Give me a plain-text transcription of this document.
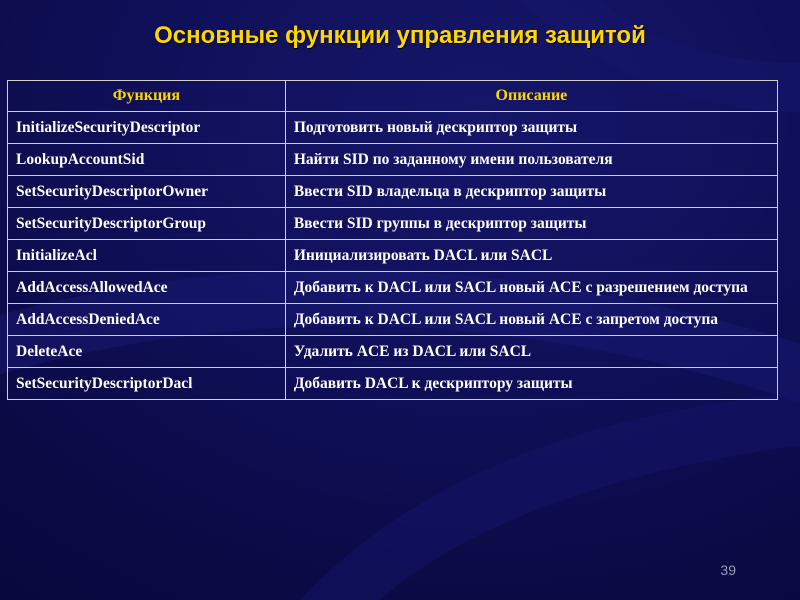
Основные функции управления защитой
Функция	Описание
InitializeSecurityDescriptor	Подготовить новый дескриптор защиты
LookupAccountSid	Найти SID по заданному имени пользователя
SetSecurityDescriptorOwner	Ввести SID владельца в дескриптор защиты
SetSecurityDescriptorGroup	Ввести SID группы в дескриптор защиты
InitializeAcl	Инициализировать DACL или SACL
AddAccessAllowedAce	Добавить к DACL или SACL новый ACE с разрешением доступа
AddAccessDeniedAce	Добавить к DACL или SACL новый ACE с запретом доступа
DeleteAce	Удалить ACE из DACL или SACL
SetSecurityDescriptorDacl	Добавить DACL к дескриптору защиты
39
